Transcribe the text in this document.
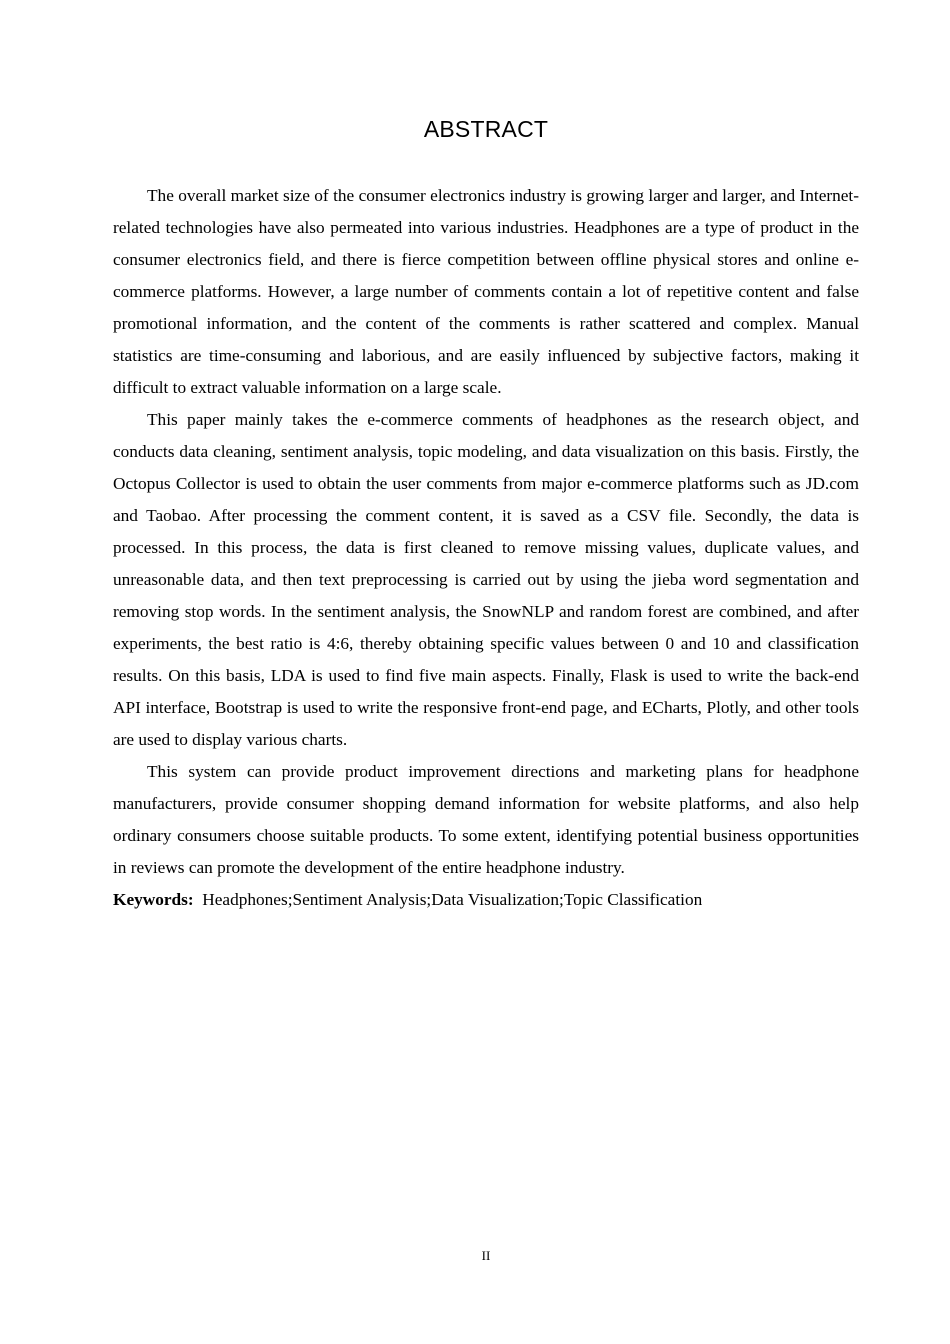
ABSTRACT

The overall market size of the consumer electronics industry is growing larger and larger, and Internet-related technologies have also permeated into various industries. Headphones are a type of product in the consumer electronics field, and there is fierce competition between offline physical stores and online e-commerce platforms. However, a large number of comments contain a lot of repetitive content and false promotional information, and the content of the comments is rather scattered and complex. Manual statistics are time-consuming and laborious, and are easily influenced by subjective factors, making it difficult to extract valuable information on a large scale.

This paper mainly takes the e-commerce comments of headphones as the research object, and conducts data cleaning, sentiment analysis, topic modeling, and data visualization on this basis. Firstly, the Octopus Collector is used to obtain the user comments from major e-commerce platforms such as JD.com and Taobao. After processing the comment content, it is saved as a CSV file. Secondly, the data is processed. In this process, the data is first cleaned to remove missing values, duplicate values, and unreasonable data, and then text preprocessing is carried out by using the jieba word segmentation and removing stop words. In the sentiment analysis, the SnowNLP and random forest are combined, and after experiments, the best ratio is 4:6, thereby obtaining specific values between 0 and 10 and classification results. On this basis, LDA is used to find five main aspects. Finally, Flask is used to write the back-end API interface, Bootstrap is used to write the responsive front-end page, and ECharts, Plotly, and other tools are used to display various charts.

This system can provide product improvement directions and marketing plans for headphone manufacturers, provide consumer shopping demand information for website platforms, and also help ordinary consumers choose suitable products. To some extent, identifying potential business opportunities in reviews can promote the development of the entire headphone industry.

Keywords: Headphones;Sentiment Analysis;Data Visualization;Topic Classification

II
